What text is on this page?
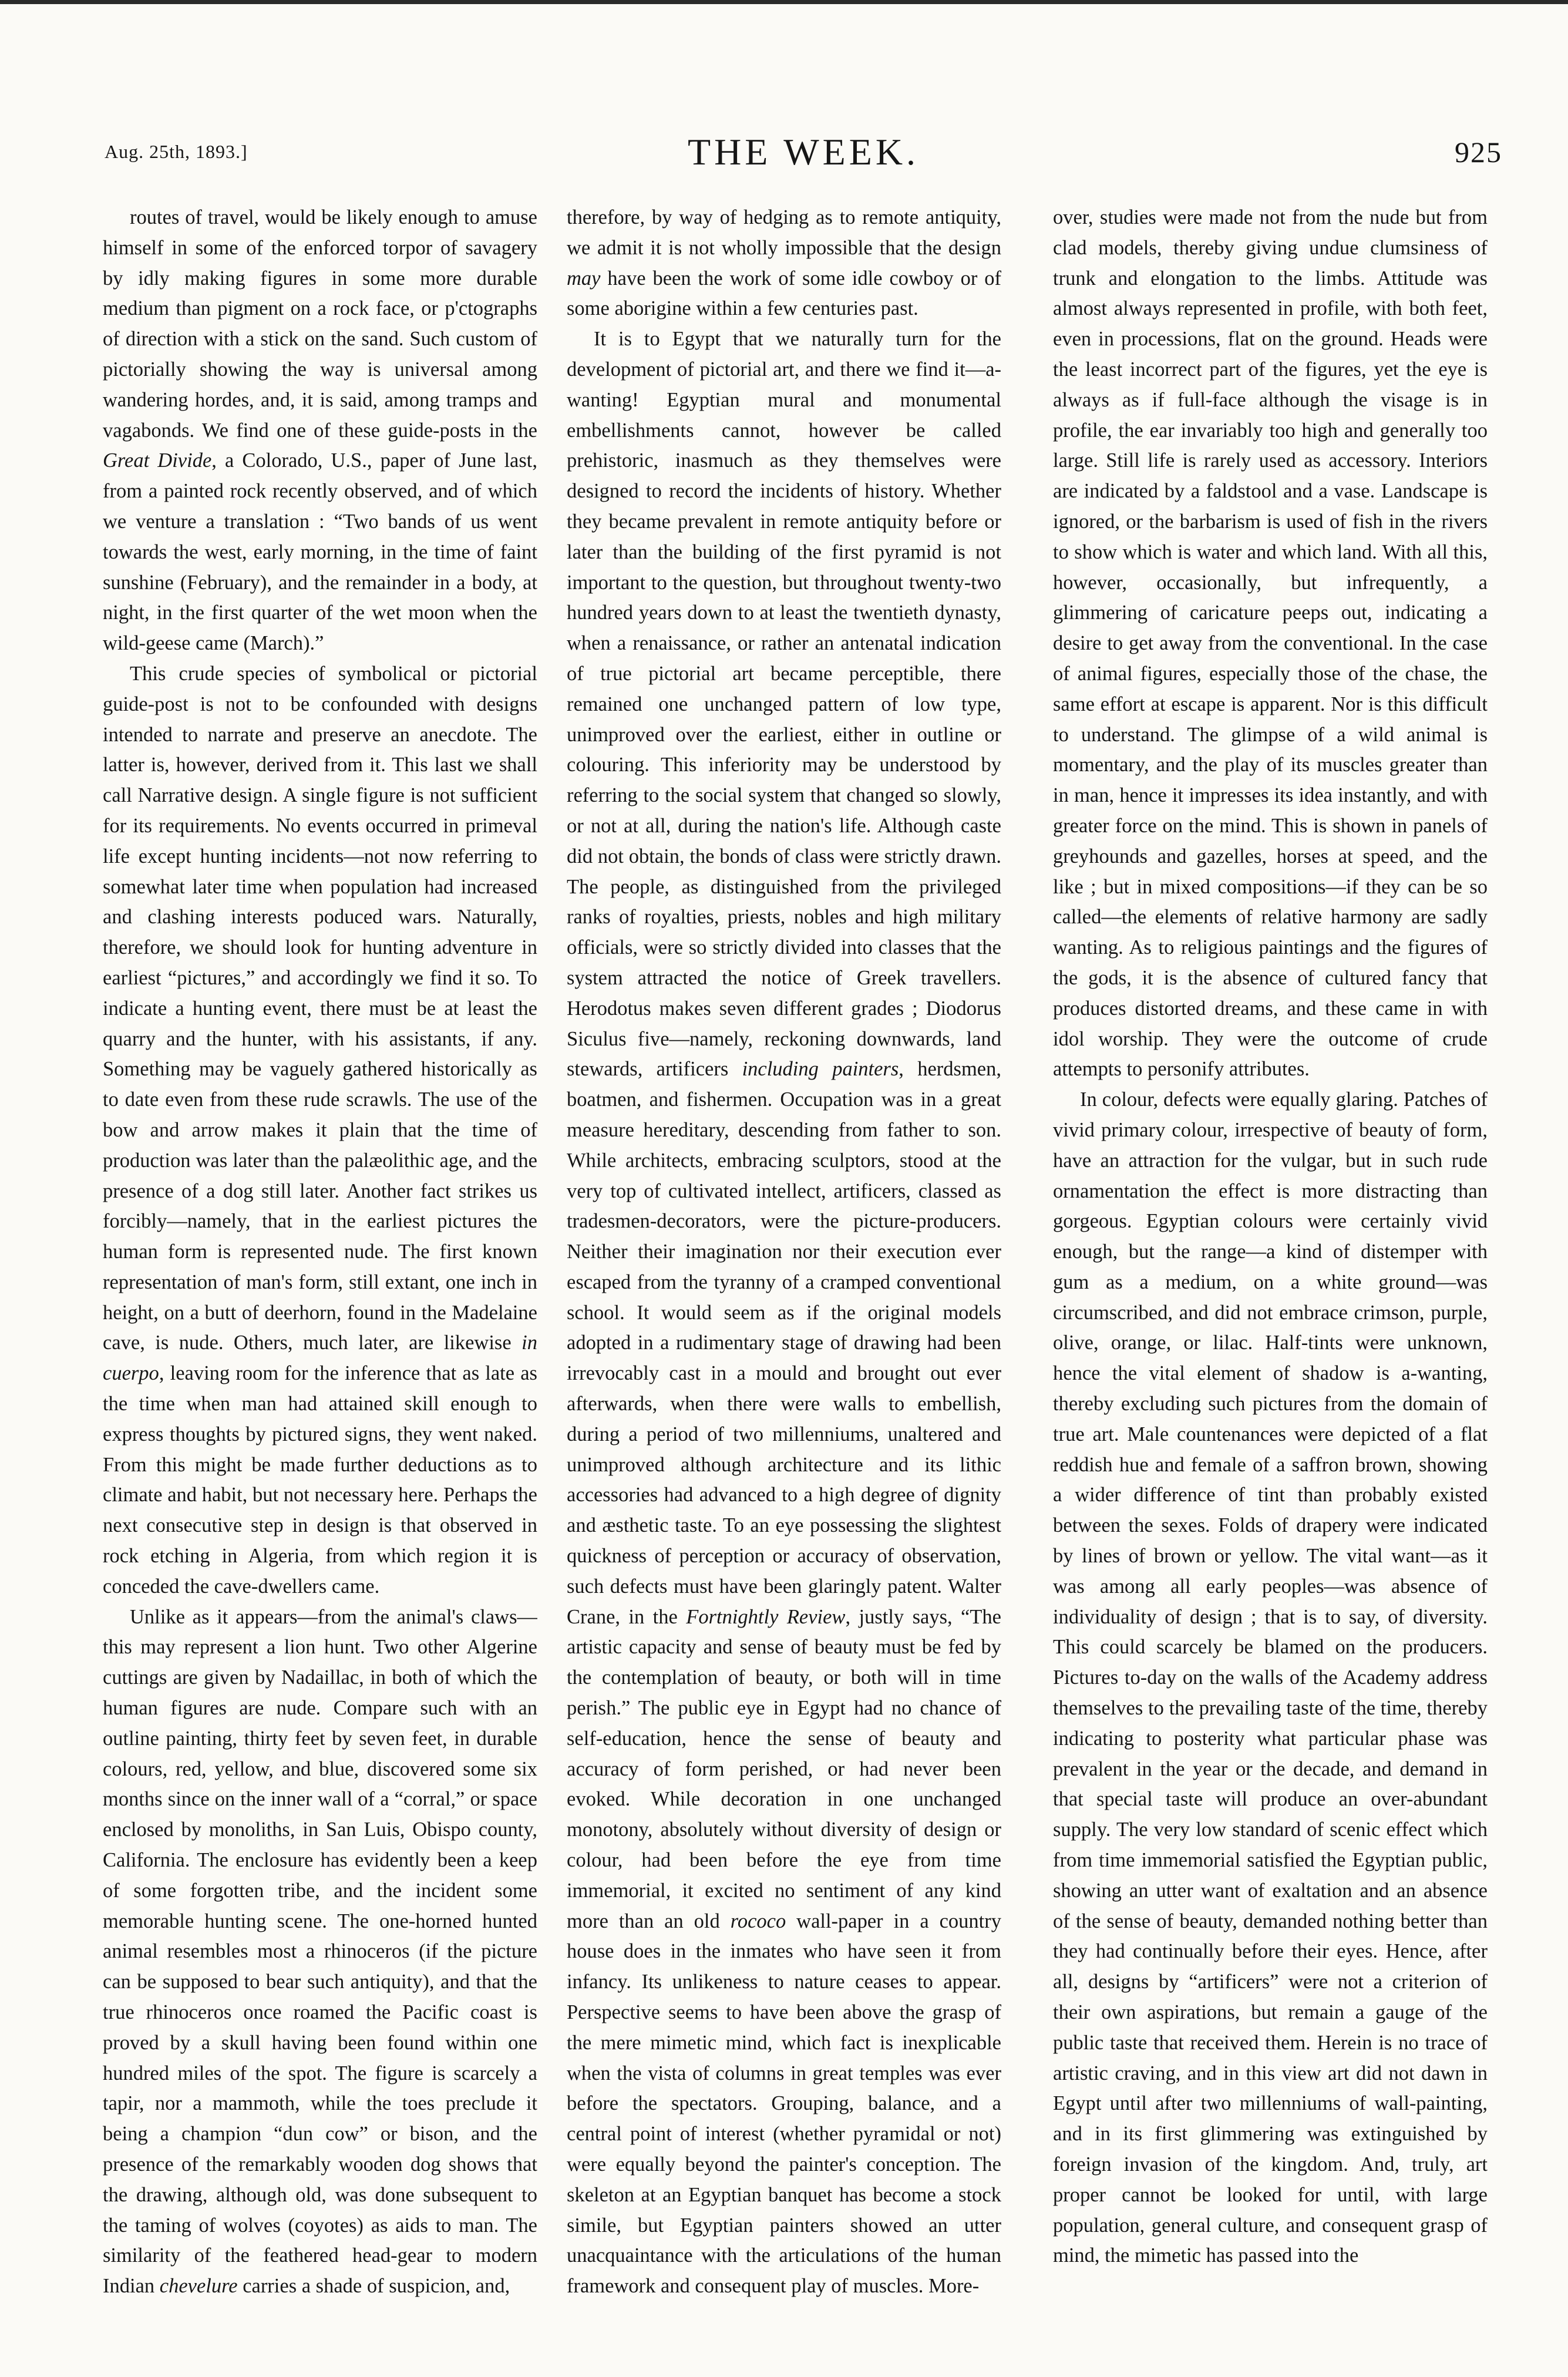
Aug. 25th, 1893.]	THE WEEK.	925

routes of travel, would be likely enough to amuse himself in some of the enforced torpor of savagery by idly making figures in some more durable medium than pigment on a rock face, or p'ctographs of direction with a stick on the sand. Such custom of pictorially showing the way is universal among wandering hordes, and, it is said, among tramps and vagabonds. We find one of these guide-posts in the Great Divide, a Colorado, U.S., paper of June last, from a painted rock recently observed, and of which we venture a translation : “Two bands of us went towards the west, early morning, in the time of faint sunshine (February), and the remainder in a body, at night, in the first quarter of the wet moon when the wild-geese came (March).”

This crude species of symbolical or pictorial guide-post is not to be confounded with designs intended to narrate and preserve an anecdote. The latter is, however, derived from it. This last we shall call Narrative design. A single figure is not sufficient for its requirements. No events occurred in primeval life except hunting incidents—not now referring to somewhat later time when population had increased and clashing interests poduced wars. Naturally, therefore, we should look for hunting adventure in earliest “pictures,” and accordingly we find it so. To indicate a hunting event, there must be at least the quarry and the hunter, with his assistants, if any. Something may be vaguely gathered historically as to date even from these rude scrawls. The use of the bow and arrow makes it plain that the time of production was later than the palæolithic age, and the presence of a dog still later. Another fact strikes us forcibly—namely, that in the earliest pictures the human form is represented nude. The first known representation of man's form, still extant, one inch in height, on a butt of deerhorn, found in the Madelaine cave, is nude. Others, much later, are likewise in cuerpo, leaving room for the inference that as late as the time when man had attained skill enough to express thoughts by pictured signs, they went naked. From this might be made further deductions as to climate and habit, but not necessary here. Perhaps the next consecutive step in design is that observed in rock etching in Algeria, from which region it is conceded the cave-dwellers came.

Unlike as it appears—from the animal's claws—this may represent a lion hunt. Two other Algerine cuttings are given by Nadaillac, in both of which the human figures are nude. Compare such with an outline painting, thirty feet by seven feet, in durable colours, red, yellow, and blue, discovered some six months since on the inner wall of a “corral,” or space enclosed by monoliths, in San Luis, Obispo county, California. The enclosure has evidently been a keep of some forgotten tribe, and the incident some memorable hunting scene. The one-horned hunted animal resembles most a rhinoceros (if the picture can be supposed to bear such antiquity), and that the true rhinoceros once roamed the Pacific coast is proved by a skull having been found within one hundred miles of the spot. The figure is scarcely a tapir, nor a mammoth, while the toes preclude it being a champion “dun cow” or bison, and the presence of the remarkably wooden dog shows that the drawing, although old, was done subsequent to the taming of wolves (coyotes) as aids to man. The similarity of the feathered head-gear to modern Indian chevelure carries a shade of suspicion, and,

therefore, by way of hedging as to remote antiquity, we admit it is not wholly impossible that the design may have been the work of some idle cowboy or of some aborigine within a few centuries past.

It is to Egypt that we naturally turn for the development of pictorial art, and there we find it—a-wanting! Egyptian mural and monumental embellishments cannot, however be called prehistoric, inasmuch as they themselves were designed to record the incidents of history. Whether they became prevalent in remote antiquity before or later than the building of the first pyramid is not important to the question, but throughout twenty-two hundred years down to at least the twentieth dynasty, when a renaissance, or rather an antenatal indication of true pictorial art became perceptible, there remained one unchanged pattern of low type, unimproved over the earliest, either in outline or colouring. This inferiority may be understood by referring to the social system that changed so slowly, or not at all, during the nation's life. Although caste did not obtain, the bonds of class were strictly drawn. The people, as distinguished from the privileged ranks of royalties, priests, nobles and high military officials, were so strictly divided into classes that the system attracted the notice of Greek travellers. Herodotus makes seven different grades ; Diodorus Siculus five—namely, reckoning downwards, land stewards, artificers including painters, herdsmen, boatmen, and fishermen. Occupation was in a great measure hereditary, descending from father to son. While architects, embracing sculptors, stood at the very top of cultivated intellect, artificers, classed as tradesmen-decorators, were the picture-producers. Neither their imagination nor their execution ever escaped from the tyranny of a cramped conventional school. It would seem as if the original models adopted in a rudimentary stage of drawing had been irrevocably cast in a mould and brought out ever afterwards, when there were walls to embellish, during a period of two millenniums, unaltered and unimproved although architecture and its lithic accessories had advanced to a high degree of dignity and æsthetic taste. To an eye possessing the slightest quickness of perception or accuracy of observation, such defects must have been glaringly patent. Walter Crane, in the Fortnightly Review, justly says, “The artistic capacity and sense of beauty must be fed by the contemplation of beauty, or both will in time perish.” The public eye in Egypt had no chance of self-education, hence the sense of beauty and accuracy of form perished, or had never been evoked. While decoration in one unchanged monotony, absolutely without diversity of design or colour, had been before the eye from time immemorial, it excited no sentiment of any kind more than an old rococo wall-paper in a country house does in the inmates who have seen it from infancy. Its unlikeness to nature ceases to appear. Perspective seems to have been above the grasp of the mere mimetic mind, which fact is inexplicable when the vista of columns in great temples was ever before the spectators. Grouping, balance, and a central point of interest (whether pyramidal or not) were equally beyond the painter's conception. The skeleton at an Egyptian banquet has become a stock simile, but Egyptian painters showed an utter unacquaintance with the articulations of the human framework and consequent play of muscles. More-

over, studies were made not from the nude but from clad models, thereby giving undue clumsiness of trunk and elongation to the limbs. Attitude was almost always represented in profile, with both feet, even in processions, flat on the ground. Heads were the least incorrect part of the figures, yet the eye is always as if full-face although the visage is in profile, the ear invariably too high and generally too large. Still life is rarely used as accessory. Interiors are indicated by a faldstool and a vase. Landscape is ignored, or the barbarism is used of fish in the rivers to show which is water and which land. With all this, however, occasionally, but infrequently, a glimmering of caricature peeps out, indicating a desire to get away from the conventional. In the case of animal figures, especially those of the chase, the same effort at escape is apparent. Nor is this difficult to understand. The glimpse of a wild animal is momentary, and the play of its muscles greater than in man, hence it impresses its idea instantly, and with greater force on the mind. This is shown in panels of greyhounds and gazelles, horses at speed, and the like ; but in mixed compositions—if they can be so called—the elements of relative harmony are sadly wanting. As to religious paintings and the figures of the gods, it is the absence of cultured fancy that produces distorted dreams, and these came in with idol worship. They were the outcome of crude attempts to personify attributes.

In colour, defects were equally glaring. Patches of vivid primary colour, irrespective of beauty of form, have an attraction for the vulgar, but in such rude ornamentation the effect is more distracting than gorgeous. Egyptian colours were certainly vivid enough, but the range—a kind of distemper with gum as a medium, on a white ground—was circumscribed, and did not embrace crimson, purple, olive, orange, or lilac. Half-tints were unknown, hence the vital element of shadow is a-wanting, thereby excluding such pictures from the domain of true art. Male countenances were depicted of a flat reddish hue and female of a saffron brown, showing a wider difference of tint than probably existed between the sexes. Folds of drapery were indicated by lines of brown or yellow. The vital want—as it was among all early peoples—was absence of individuality of design ; that is to say, of diversity. This could scarcely be blamed on the producers. Pictures to-day on the walls of the Academy address themselves to the prevailing taste of the time, thereby indicating to posterity what particular phase was prevalent in the year or the decade, and demand in that special taste will produce an over-abundant supply. The very low standard of scenic effect which from time immemorial satisfied the Egyptian public, showing an utter want of exaltation and an absence of the sense of beauty, demanded nothing better than they had continually before their eyes. Hence, after all, designs by “artificers” were not a criterion of their own aspirations, but remain a gauge of the public taste that received them. Herein is no trace of artistic craving, and in this view art did not dawn in Egypt until after two millenniums of wall-painting, and in its first glimmering was extinguished by foreign invasion of the kingdom. And, truly, art proper cannot be looked for until, with large population, general culture, and consequent grasp of mind, the mimetic has passed into the
